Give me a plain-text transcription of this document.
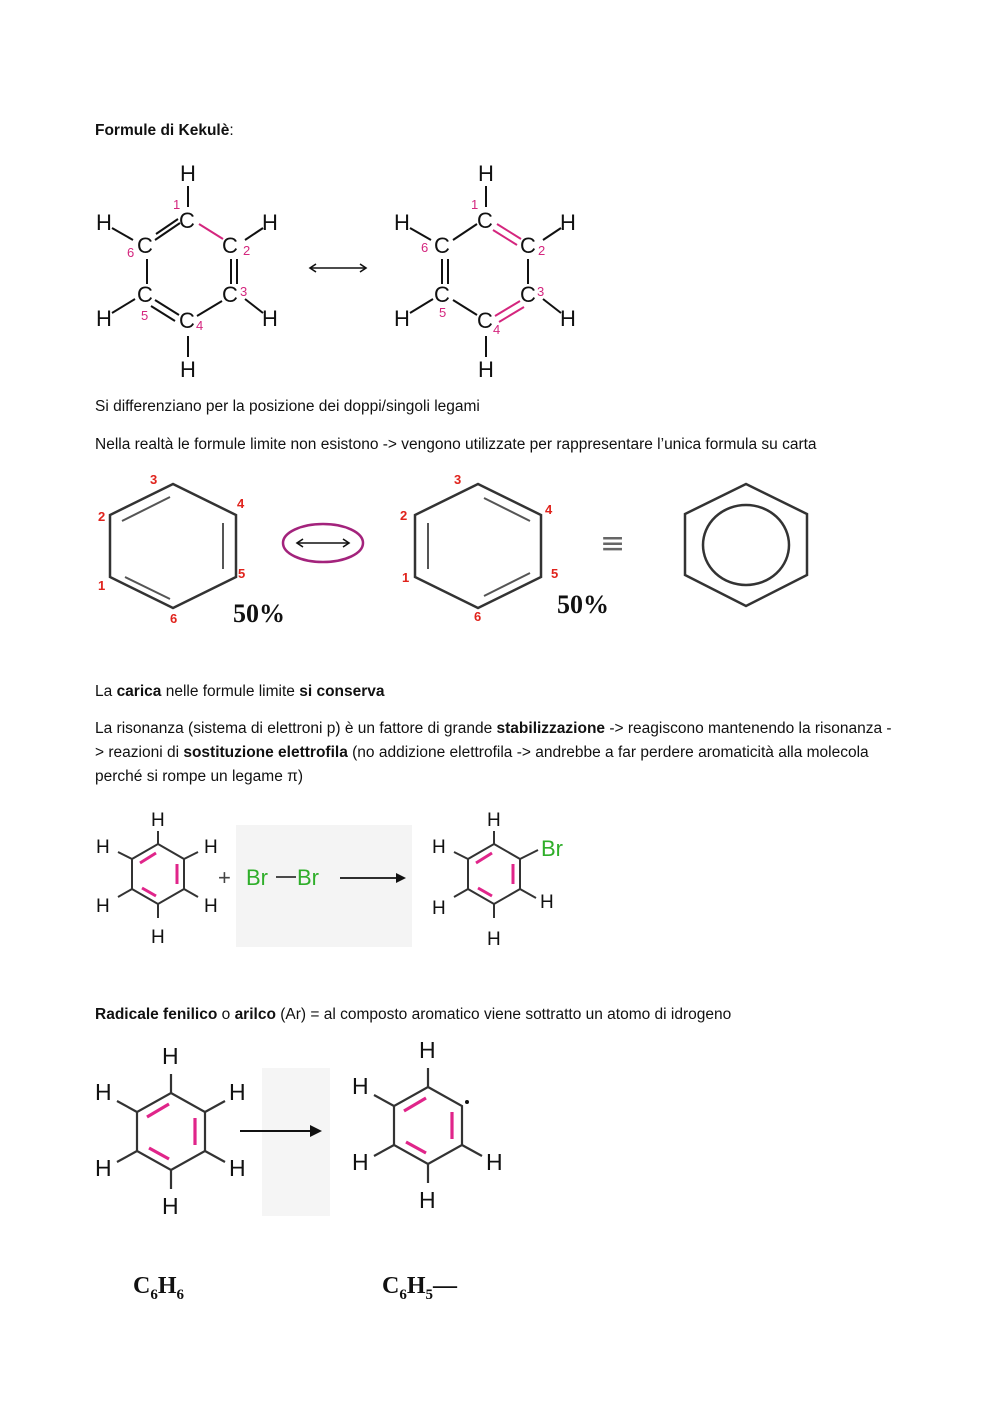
Formule di Kekulè:
H
C
H
C	C
H
C	C
H	H
C
H
1
2
3
4
5
6
H
C
H
C	C
H
C	C
H	H
C
H
1
2
3
4
5
6
Si differenziano per la posizione dei doppi/singoli legami
Nella realtà le formule limite non esistono -> vengono utilizzate per rappresentare l’unica formula su carta
3
4
2
5
1
6 50%
3
4
2
5
1
6	50%
≡
La carica nelle formule limite si conserva
La risonanza (sistema di elettroni p) è un fattore di grande stabilizzazione -> reagiscono mantenendo la risonanza -> reazioni di sostituzione elettrofila (no addizione elettrofila -> andrebbe a far perdere aromaticità alla molecola perché si rompe un legame π)
H
H	H
H	H
H
+ Br Br
H
H	Br
H	H
H
Radicale fenilico o arilco (Ar) = al composto aromatico viene sottratto un atomo di idrogeno
H
H	H
H	H
H
H
H
H	H
H
$C_6H_6$	$C_6H_5—$
